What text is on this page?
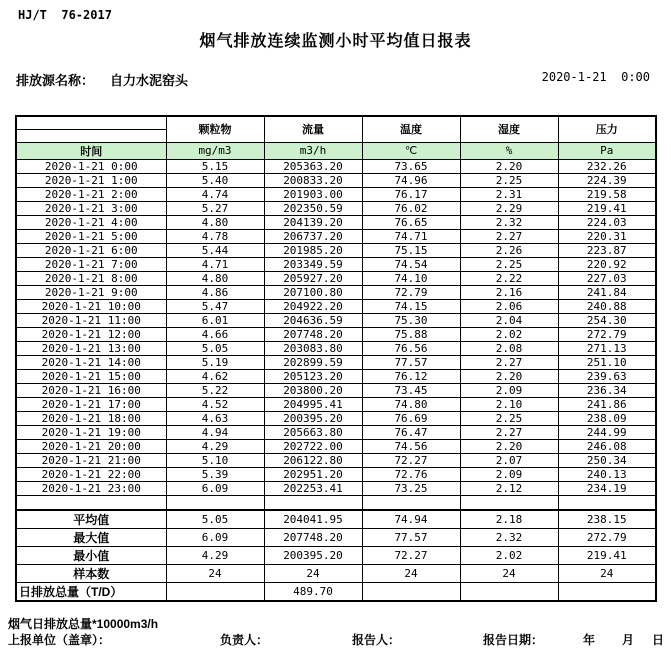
HJ/T  76-2017
烟气排放连续监测小时平均值日报表
排放源名称： 自力水泥窑头	2020-1-21  0:00
	颗粒物	流量	温度	湿度	压力

时间	mg/m3	m3/h	℃	%	Pa
2020-1-21 0:00	5.15	205363.20	73.65	2.20	232.26
2020-1-21 1:00	5.40	200833.20	74.96	2.25	224.39
2020-1-21 2:00	4.74	201903.00	76.17	2.31	219.58
2020-1-21 3:00	5.27	202350.59	76.02	2.29	219.41
2020-1-21 4:00	4.80	204139.20	76.65	2.32	224.03
2020-1-21 5:00	4.78	206737.20	74.71	2.27	220.31
2020-1-21 6:00	5.44	201985.20	75.15	2.26	223.87
2020-1-21 7:00	4.71	203349.59	74.54	2.25	220.92
2020-1-21 8:00	4.80	205927.20	74.10	2.22	227.03
2020-1-21 9:00	4.86	207100.80	72.79	2.16	241.84
2020-1-21 10:00	5.47	204922.20	74.15	2.06	240.88
2020-1-21 11:00	6.01	204636.59	75.30	2.04	254.30
2020-1-21 12:00	4.66	207748.20	75.88	2.02	272.79
2020-1-21 13:00	5.05	203083.80	76.56	2.08	271.13
2020-1-21 14:00	5.19	202899.59	77.57	2.27	251.10
2020-1-21 15:00	4.62	205123.20	76.12	2.20	239.63
2020-1-21 16:00	5.22	203800.20	73.45	2.09	236.34
2020-1-21 17:00	4.52	204995.41	74.80	2.10	241.86
2020-1-21 18:00	4.63	200395.20	76.69	2.25	238.09
2020-1-21 19:00	4.94	205663.80	76.47	2.27	244.99
2020-1-21 20:00	4.29	202722.00	74.56	2.20	246.08
2020-1-21 21:00	5.10	206122.80	72.27	2.07	250.34
2020-1-21 22:00	5.39	202951.20	72.76	2.09	240.13
2020-1-21 23:00	6.09	202253.41	73.25	2.12	234.19

平均值	5.05	204041.95	74.94	2.18	238.15
最大值	6.09	207748.20	77.57	2.32	272.79
最小值	4.29	200395.20	72.27	2.02	219.41
样本数	24	24	24	24	24
日排放总量（T/D）		489.70			
烟气日排放总量*10000m3/h
上报单位（盖章）：	负责人：	报告人：	报告日期：	年 月 日
